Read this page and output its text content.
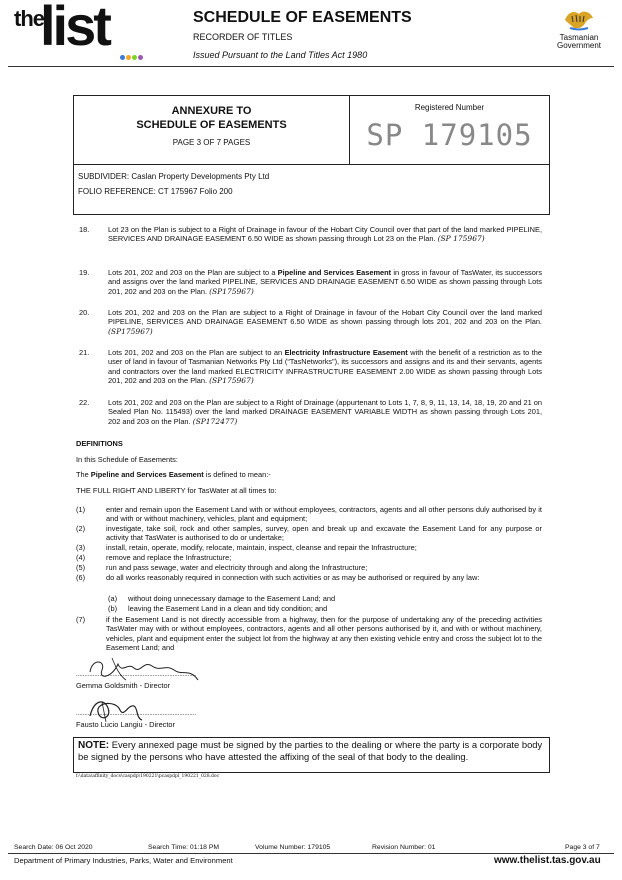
the
list	SCHEDULE OF EASEMENTS
RECORDER OF TITLES
Issued Pursuant to the Land Titles Act 1980
Tasmanian
Government
ANNEXURE TO
SCHEDULE OF EASEMENTS
PAGE 3 OF 7 PAGES
Registered Number
SP 179105
SUBDIVIDER: Caslan Property Developments Pty Ltd
FOLIO REFERENCE: CT 175967 Folio 200
18.	Lot 23 on the Plan is subject to a Right of Drainage in favour of the Hobart City Council over that part of the land marked PIPELINE, SERVICES AND DRAINAGE EASEMENT 6.50 WIDE as shown passing through Lot 23 on the Plan. (SP 175967)
19.	Lots 201, 202 and 203 on the Plan are subject to a Pipeline and Services Easement in gross in favour of TasWater, its successors and assigns over the land marked PIPELINE, SERVICES AND DRAINAGE EASEMENT 6.50 WIDE as shown passing through Lots 201, 202 and 203 on the Plan. (SP175967)
20.	Lots 201, 202 and 203 on the Plan are subject to a Right of Drainage in favour of the Hobart City Council over the land marked PIPELINE, SERVICES AND DRAINAGE EASEMENT 6.50 WIDE as shown passing through lots 201, 202 and 203 on the Plan. (SP175967)
21.	Lots 201, 202 and 203 on the Plan are subject to an Electricity Infrastructure Easement with the benefit of a restriction as to the user of land in favour of Tasmanian Networks Pty Ltd (“TasNetworks”), its successors and assigns and its and their servants, agents and contractors over the land marked ELECTRICITY INFRASTRUCTURE EASEMENT 2.00 WIDE as shown passing through Lots 201, 202 and 203 on the Plan. (SP175967)
22.	Lots 201, 202 and 203 on the Plan are subject to a Right of Drainage (appurtenant to Lots 1, 7, 8, 9, 11, 13, 14, 18, 19, 20 and 21 on Sealed Plan No. 115493) over the land marked DRAINAGE EASEMENT VARIABLE WIDTH as shown passing through Lots 201, 202 and 203 on the Plan. (SP172477)
DEFINITIONS
In this Schedule of Easements:
The Pipeline and Services Easement is defined to mean:-
THE FULL RIGHT AND LIBERTY for TasWater at all times to:
(1)	enter and remain upon the Easement Land with or without employees, contractors, agents and all other persons duly authorised by it and with or without machinery, vehicles, plant and equipment;
(2)	investigate, take soil, rock and other samples, survey, open and break up and excavate the Easement Land for any purpose or activity that TasWater is authorised to do or undertake;
(3)	install, retain, operate, modify, relocate, maintain, inspect, cleanse and repair the Infrastructure;
(4)	remove and replace the Infrastructure;
(5)	run and pass sewage, water and electricity through and along the Infrastructure;
(6)	do all works reasonably required in connection with such activities or as may be authorised or required by any law:
(a) without doing unnecessary damage to the Easement Land; and
(b) leaving the Easement Land in a clean and tidy condition; and
(7)	if the Easement Land is not directly accessible from a highway, then for the purpose of undertaking any of the preceding activities TasWater may with or without employees, contractors, agents and all other persons authorised by it, and with or without machinery, vehicles, plant and equipment enter the subject lot from the highway at any then existing vehicle entry and cross the subject lot to the Easement Land; and
........................................................................
Gemma Goldsmith - Director
........................................................................
Fausto Lucio Langiu - Director
NOTE: Every annexed page must be signed by the parties to the dealing or where the party is a corporate body be signed by the persons who have attested the affixing of the seal of that body to the dealing.
f:\data\affinity_docs\caspdp\190221\pcaspdpl_190221_028.doc
Search Date: 06 Oct 2020	Search Time: 01:18 PM	Volume Number: 179105	Revision Number: 01	Page 3 of 7
Department of Primary Industries, Parks, Water and Environment	www.thelist.tas.gov.au
